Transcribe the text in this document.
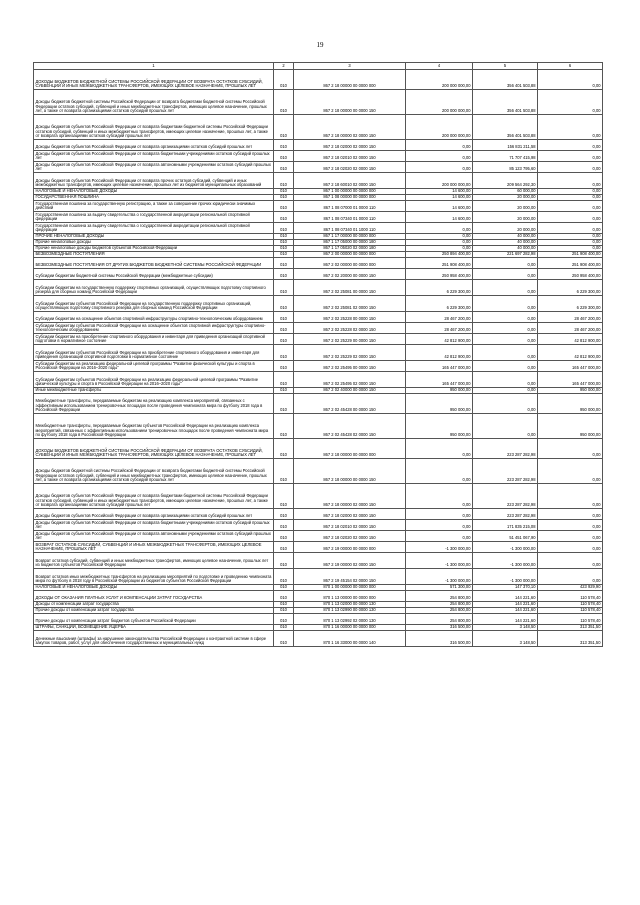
19
1	2	3	4	5	6
ДОХОДЫ БЮДЖЕТОВ БЮДЖЕТНОЙ СИСТЕМЫ РОССИЙСКОЙ ФЕДЕРАЦИИ ОТ ВОЗВРАТА ОСТАТКОВ СУБСИДИЙ, СУБВЕНЦИЙ И ИНЫХ МЕЖБЮДЖЕТНЫХ ТРАНСФЕРТОВ, ИМЕЮЩИХ ЦЕЛЕВОЕ НАЗНАЧЕНИЕ, ПРОШЛЫХ ЛЕТ	010	867 2 18 00000 00 0000 000	200 000 000,00	356 401 503,88	0,00
Доходы бюджетов бюджетной системы Российской Федерации от возврата бюджетами бюджетной системы Российской Федерации остатков субсидий, субвенций и иных межбюджетных трансфертов, имеющих целевое назначение, прошлых лет, а также от возврата организациями остатков субсидий прошлых лет	010	867 2 18 00000 00 0000 150	200 000 000,00	356 401 503,88	0,00
Доходы бюджетов субъектов Российской Федерации от возврата бюджетами бюджетной системы Российской Федерации остатков субсидий, субвенций и иных межбюджетных трансфертов, имеющих целевое назначение, прошлых лет, а также от возврата организациями остатков субсидий прошлых лет	010	867 2 18 00000 02 0000 150	200 000 000,00	356 401 503,88	0,00
Доходы бюджетов субъектов Российской Федерации от возврата организациями остатков субсидий прошлых лет	010	867 2 18 02000 02 0000 150	0,00	156 831 211,58	0,00
Доходы бюджетов субъектов Российской Федерации от возврата бюджетными учреждениями остатков субсидий прошлых лет	010	867 2 18 02010 02 0000 150	0,00	71 707 415,98	0,00
Доходы бюджетов субъектов Российской Федерации от возврата автономными учреждениями остатков субсидий прошлых лет	010	867 2 18 02020 02 0000 150	0,00	85 123 795,60	0,00
Доходы бюджетов субъектов Российской Федерации от возврата прочих остатков субсидий, субвенций и иных межбюджетных трансфертов, имеющих целевое назначение, прошлых лет из бюджетов муниципальных образований	010	867 2 18 60010 02 0000 150	200 000 000,00	209 564 292,30	0,00
НАЛОГОВЫЕ И НЕНАЛОГОВЫЕ ДОХОДЫ	010	867 1 00 00000 00 0000 000	14 600,00	60 000,00	0,00
ГОСУДАРСТВЕННАЯ ПОШЛИНА	010	867 1 08 00000 00 0000 000	14 600,00	20 000,00	0,00
Государственная пошлина за государственную регистрацию, а также за совершение прочих юридически значимых действий	010	867 1 08 07000 01 0000 110	14 600,00	20 000,00	0,00
Государственная пошлина за выдачу свидетельства о государственной аккредитации региональной спортивной федерации	010	867 1 08 07340 01 0000 110	14 600,00	20 000,00	0,00
Государственная пошлина за выдачу свидетельства о государственной аккредитации региональной спортивной федерации	010	867 1 08 07340 01 1000 110	0,00	20 000,00	0,00
ПРОЧИЕ НЕНАЛОГОВЫЕ ДОХОДЫ	010	867 1 17 00000 00 0000 000	0,00	40 000,00	0,00
Прочие неналоговые доходы	010	867 1 17 05000 00 0000 180	0,00	40 000,00	0,00
Прочие неналоговые доходы бюджетов субъектов Российской Федерации	010	867 1 17 05020 02 0000 180	0,00	40 000,00	0,00
БЕЗВОЗМЕЗДНЫЕ ПОСТУПЛЕНИЯ	010	867 2 00 00000 00 0000 000	250 894 400,00	221 697 282,98	251 908 400,00
БЕЗВОЗМЕЗДНЫЕ ПОСТУПЛЕНИЯ ОТ ДРУГИХ БЮДЖЕТОВ БЮДЖЕТНОЙ СИСТЕМЫ РОССИЙСКОЙ ФЕДЕРАЦИИ	010	867 2 02 00000 00 0000 000	251 908 400,00	0,00	251 908 400,00
Субсидии бюджетам бюджетной системы Российской Федерации (межбюджетные субсидии)	010	867 2 02 20000 00 0000 150	250 958 400,00	0,00	250 958 400,00
Субсидии бюджетам на государственную поддержку спортивных организаций, осуществляющих подготовку спортивного резерва для сборных команд Российской Федерации	010	867 2 02 25081 00 0000 150	6 229 300,00	0,00	6 229 300,00
Субсидии бюджетам субъектов Российской Федерации на государственную поддержку спортивных организаций, осуществляющих подготовку спортивного резерва для сборных команд Российской Федерации	010	867 2 02 25081 02 0000 150	6 229 300,00	0,00	6 229 300,00
Субсидии бюджетам на оснащение объектов спортивной инфраструктуры спортивно-технологическим оборудованием	010	867 2 02 25228 00 0000 150	28 467 200,00	0,00	28 467 200,00
Субсидии бюджетам субъектов Российской Федерации на оснащение объектов спортивной инфраструктуры спортивно-технологическим оборудованием	010	867 2 02 25228 02 0000 150	28 467 200,00	0,00	28 467 200,00
Субсидии бюджетам на приобретение спортивного оборудования и инвентаря для приведения организаций спортивной подготовки в нормативное состояние	010	867 2 02 25229 00 0000 150	42 812 900,00	0,00	42 812 900,00
Субсидии бюджетам субъектов Российской Федерации на приобретение спортивного оборудования и инвентаря для приведения организаций спортивной подготовки в нормативное состояние	010	867 2 02 25229 02 0000 150	42 812 900,00	0,00	42 812 900,00
Субсидии бюджетам на реализацию федеральной целевой программы "Развитие физической культуры и спорта в Российской Федерации на 2016–2020 годы"	010	867 2 02 25495 00 0000 150	165 447 000,00	0,00	165 447 000,00
Субсидии бюджетам субъектов Российской Федерации на реализацию федеральной целевой программы "Развитие физической культуры и спорта в Российской Федерации на 2016–2020 годы"	010	867 2 02 25495 02 0000 150	165 447 000,00	0,00	165 447 000,00
Иные межбюджетные трансферты	010	867 2 02 40000 00 0000 150	950 000,00	0,00	950 000,00
Межбюджетные трансферты, передаваемые бюджетам на реализацию комплекса мероприятий, связанных с эффективным использованием тренировочных площадок после проведения чемпионата мира по футболу 2018 года в Российской Федерации	010	867 2 02 45428 00 0000 150	950 000,00	0,00	950 000,00
Межбюджетные трансферты, передаваемые бюджетам субъектов Российской Федерации на реализацию комплекса мероприятий, связанных с эффективным использованием тренировочных площадок после проведения чемпионата мира по футболу 2018 года в Российской Федерации	010	867 2 02 45428 02 0000 150	950 000,00	0,00	950 000,00
ДОХОДЫ БЮДЖЕТОВ БЮДЖЕТНОЙ СИСТЕМЫ РОССИЙСКОЙ ФЕДЕРАЦИИ ОТ ВОЗВРАТА ОСТАТКОВ СУБСИДИЙ, СУБВЕНЦИЙ И ИНЫХ МЕЖБЮДЖЕТНЫХ ТРАНСФЕРТОВ, ИМЕЮЩИХ ЦЕЛЕВОЕ НАЗНАЧЕНИЕ, ПРОШЛЫХ ЛЕТ	010	867 2 18 00000 00 0000 000	0,00	223 287 282,98	0,00
Доходы бюджетов бюджетной системы Российской Федерации от возврата бюджетами бюджетной системы Российской Федерации остатков субсидий, субвенций и иных межбюджетных трансфертов, имеющих целевое назначение, прошлых лет, а также от возврата организациями остатков субсидий прошлых лет	010	867 2 18 00000 00 0000 150	0,00	223 287 282,98	0,00
Доходы бюджетов субъектов Российской Федерации от возврата бюджетами бюджетной системы Российской Федерации остатков субсидий, субвенций и иных межбюджетных трансфертов, имеющих целевое назначение, прошлых лет, а также от возврата организациями остатков субсидий прошлых лет	010	867 2 18 00000 02 0000 150	0,00	223 287 282,98	0,00
Доходы бюджетов субъектов Российской Федерации от возврата организациями остатков субсидий прошлых лет	010	867 2 18 02000 02 0000 150	0,00	223 287 282,98	0,00
Доходы бюджетов субъектов Российской Федерации от возврата бюджетными учреждениями остатков субсидий прошлых лет	010	867 2 18 02010 02 0000 150	0,00	171 835 215,08	0,00
Доходы бюджетов субъектов Российской Федерации от возврата автономными учреждениями остатков субсидий прошлых лет	010	867 2 18 02020 02 0000 150	0,00	51 451 067,90	0,00
ВОЗВРАТ ОСТАТКОВ СУБСИДИЙ, СУБВЕНЦИЙ И ИНЫХ МЕЖБЮДЖЕТНЫХ ТРАНСФЕРТОВ, ИМЕЮЩИХ ЦЕЛЕВОЕ НАЗНАЧЕНИЕ, ПРОШЛЫХ ЛЕТ	010	867 2 19 00000 00 0000 000	-1 300 000,00	-1 300 000,00	0,00
Возврат остатков субсидий, субвенций и иных межбюджетных трансфертов, имеющих целевое назначение, прошлых лет из бюджетов субъектов Российской Федерации	010	867 2 19 00000 02 0000 150	-1 300 000,00	-1 300 000,00	0,00
Возврат остатков иных межбюджетных трансфертов на реализацию мероприятий по подготовке и проведению чемпионата мира по футболу в 2018 году в Российской Федерации из бюджетов субъектов Российской Федерации	010	867 2 19 45154 02 0000 150	-1 300 000,00	-1 300 000,00	0,00
НАЛОГОВЫЕ И НЕНАЛОГОВЫЕ ДОХОДЫ	010	870 1 00 00000 00 0000 000	571 300,00	147 370,10	423 929,90
ДОХОДЫ ОТ ОКАЗАНИЯ ПЛАТНЫХ УСЛУГ И КОМПЕНСАЦИИ ЗАТРАТ ГОСУДАРСТВА	010	870 1 13 00000 00 0000 000	254 800,00	144 221,60	110 578,40
Доходы от компенсации затрат государства	010	870 1 13 02000 00 0000 130	254 800,00	144 221,60	110 578,40
Прочие доходы от компенсации затрат государства	010	870 1 13 02990 00 0000 130	254 800,00	144 221,60	110 578,40
Прочие доходы от компенсации затрат бюджетов субъектов Российской Федерации	010	870 1 13 02992 02 0000 130	254 800,00	144 221,60	110 578,40
ШТРАФЫ, САНКЦИИ, ВОЗМЕЩЕНИЕ УЩЕРБА	010	870 1 16 00000 00 0000 000	316 500,00	3 148,50	313 351,50
Денежные взыскания (штрафы) за нарушение законодательства Российской Федерации о контрактной системе в сфере закупок товаров, работ, услуг для обеспечения государственных и муниципальных нужд	010	870 1 16 33000 00 0000 140	316 500,00	3 148,50	313 351,50
